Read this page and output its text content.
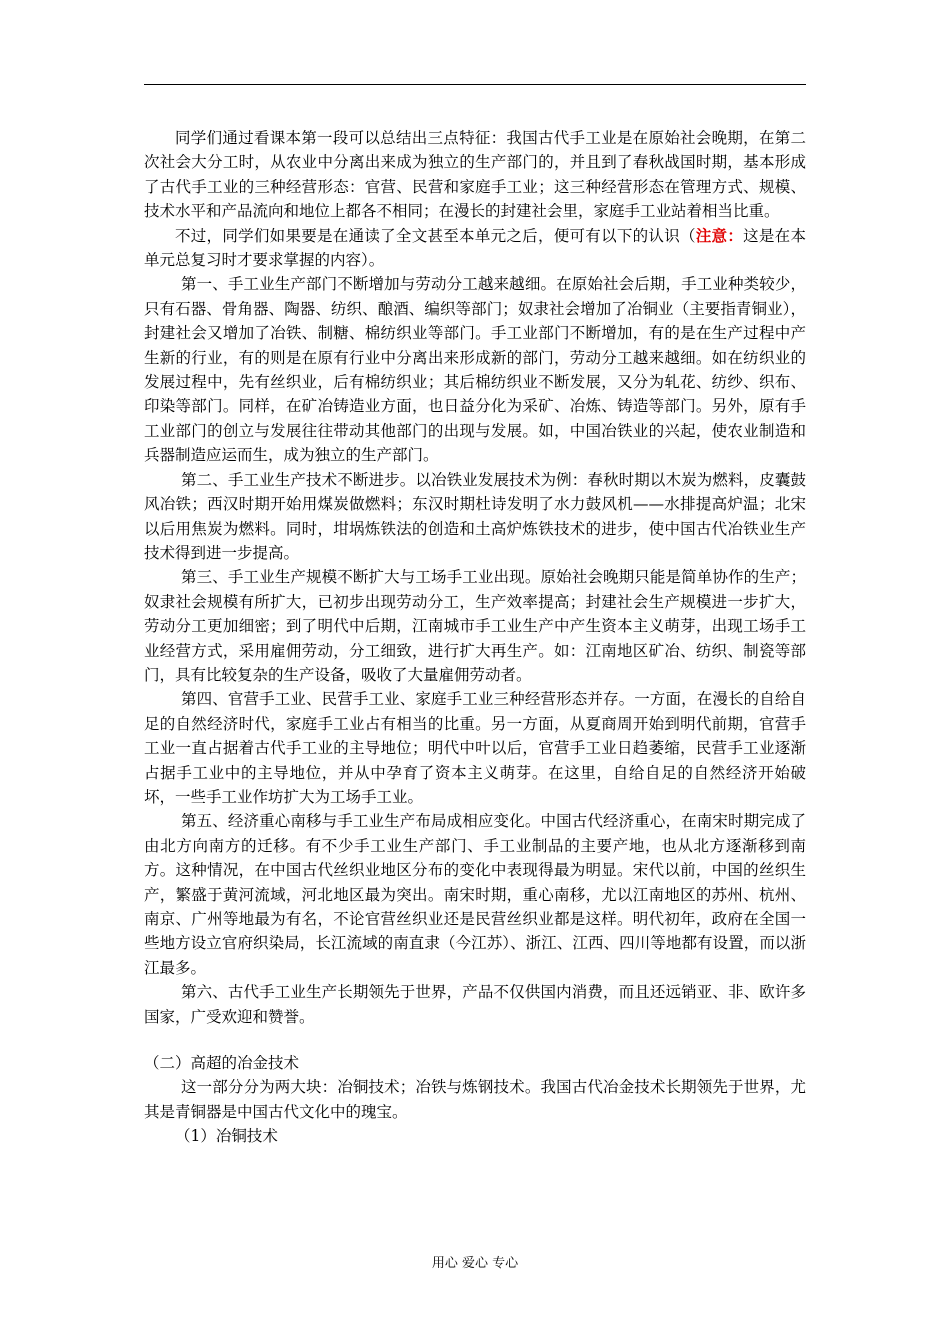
同学们通过看课本第一段可以总结出三点特征：我国古代手工业是在原始社会晚期，在第二次社会大分工时，从农业中分离出来成为独立的生产部门的，并且到了春秋战国时期，基本形成了古代手工业的三种经营形态：官营、民营和家庭手工业；这三种经营形态在管理方式、规模、技术水平和产品流向和地位上都各不相同；在漫长的封建社会里，家庭手工业站着相当比重。

不过，同学们如果要是在通读了全文甚至本单元之后，便可有以下的认识（注意：这是在本单元总复习时才要求掌握的内容）。

第一、手工业生产部门不断增加与劳动分工越来越细。在原始社会后期，手工业种类较少，只有石器、骨角器、陶器、纺织、酿酒、编织等部门；奴隶社会增加了冶铜业（主要指青铜业），封建社会又增加了冶铁、制糖、棉纺织业等部门。手工业部门不断增加，有的是在生产过程中产生新的行业，有的则是在原有行业中分离出来形成新的部门，劳动分工越来越细。如在纺织业的发展过程中，先有丝织业，后有棉纺织业；其后棉纺织业不断发展，又分为轧花、纺纱、织布、印染等部门。同样，在矿冶铸造业方面，也日益分化为采矿、冶炼、铸造等部门。另外，原有手工业部门的创立与发展往往带动其他部门的出现与发展。如，中国冶铁业的兴起，使农业制造和兵器制造应运而生，成为独立的生产部门。

第二、手工业生产技术不断进步。以冶铁业发展技术为例：春秋时期以木炭为燃料，皮囊鼓风冶铁；西汉时期开始用煤炭做燃料；东汉时期杜诗发明了水力鼓风机——水排提高炉温；北宋以后用焦炭为燃料。同时，坩埚炼铁法的创造和土高炉炼铁技术的进步，使中国古代冶铁业生产技术得到进一步提高。

第三、手工业生产规模不断扩大与工场手工业出现。原始社会晚期只能是简单协作的生产；奴隶社会规模有所扩大，已初步出现劳动分工，生产效率提高；封建社会生产规模进一步扩大，劳动分工更加细密；到了明代中后期，江南城市手工业生产中产生资本主义萌芽，出现工场手工业经营方式，采用雇佣劳动，分工细致，进行扩大再生产。如：江南地区矿冶、纺织、制瓷等部门，具有比较复杂的生产设备，吸收了大量雇佣劳动者。

第四、官营手工业、民营手工业、家庭手工业三种经营形态并存。一方面，在漫长的自给自足的自然经济时代，家庭手工业占有相当的比重。另一方面，从夏商周开始到明代前期，官营手工业一直占据着古代手工业的主导地位；明代中叶以后，官营手工业日趋萎缩，民营手工业逐渐占据手工业中的主导地位，并从中孕育了资本主义萌芽。在这里，自给自足的自然经济开始破坏，一些手工业作坊扩大为工场手工业。

第五、经济重心南移与手工业生产布局成相应变化。中国古代经济重心，在南宋时期完成了由北方向南方的迁移。有不少手工业生产部门、手工业制品的主要产地，也从北方逐渐移到南方。这种情况，在中国古代丝织业地区分布的变化中表现得最为明显。宋代以前，中国的丝织生产，繁盛于黄河流域，河北地区最为突出。南宋时期，重心南移，尤以江南地区的苏州、杭州、南京、广州等地最为有名，不论官营丝织业还是民营丝织业都是这样。明代初年，政府在全国一些地方设立官府织染局，长江流域的南直隶（今江苏）、浙江、江西、四川等地都有设置，而以浙江最多。

第六、古代手工业生产长期领先于世界，产品不仅供国内消费，而且还远销亚、非、欧许多国家，广受欢迎和赞誉。

（二）高超的冶金技术

这一部分分为两大块：冶铜技术；冶铁与炼钢技术。我国古代冶金技术长期领先于世界，尤其是青铜器是中国古代文化中的瑰宝。

（1）冶铜技术

用心 爱心 专心
